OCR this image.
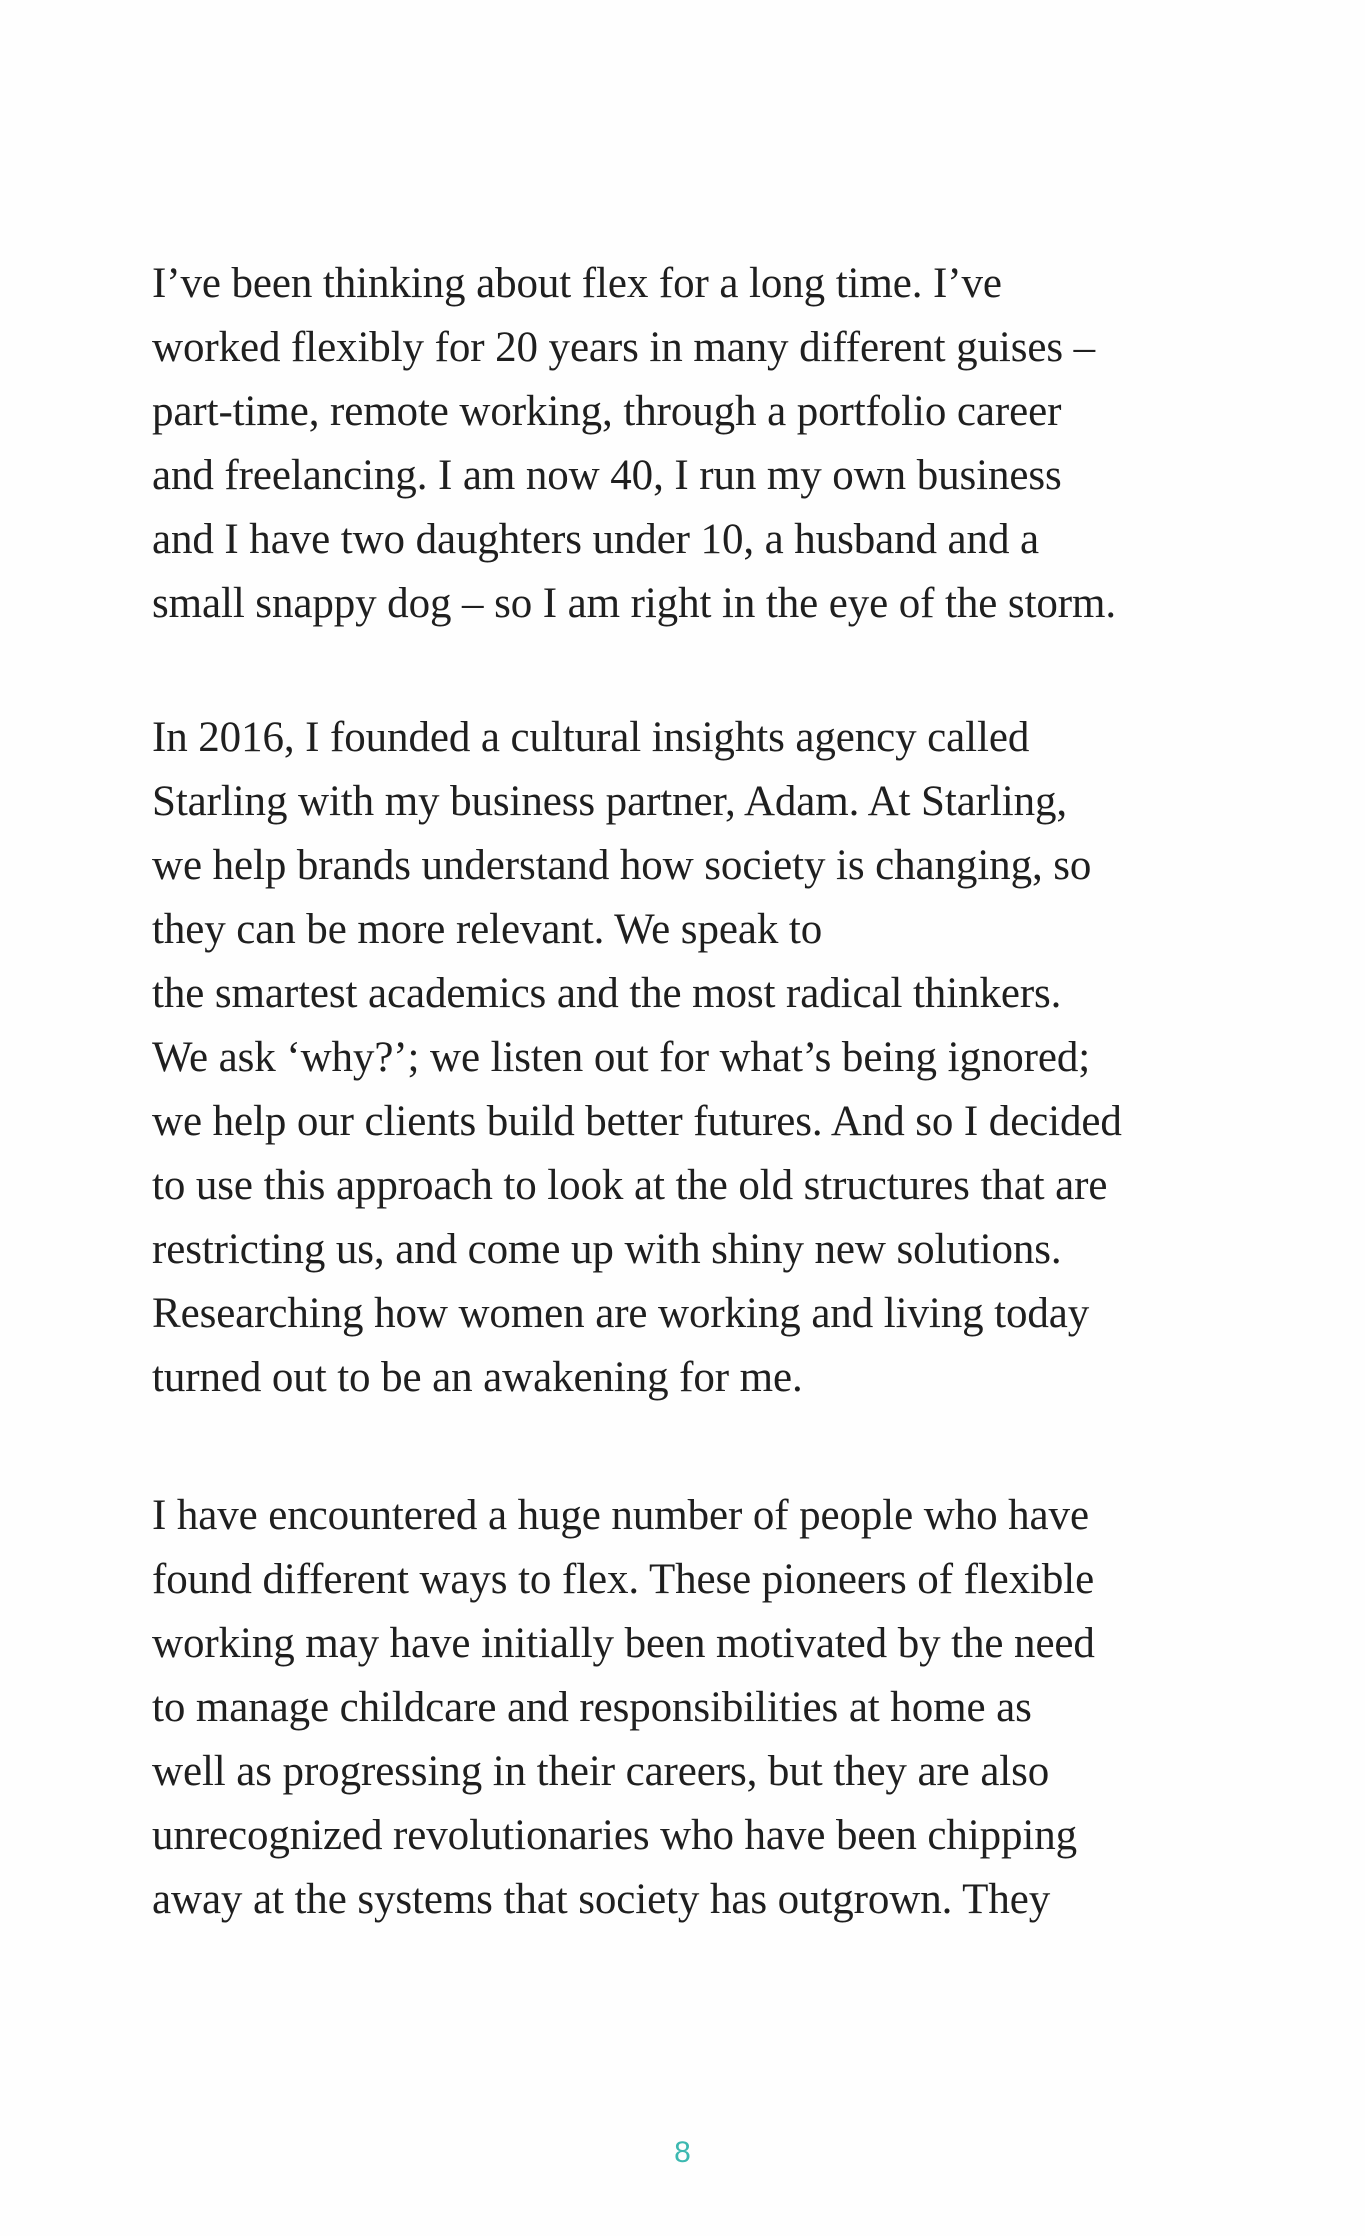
I’ve been thinking about flex for a long time. I’ve
worked flexibly for 20 years in many different guises –
part-time, remote working, through a portfolio career
and freelancing. I am now 40, I run my own business
and I have two daughters under 10, a husband and a
small snappy dog – so I am right in the eye of the storm.
In 2016, I founded a cultural insights agency called
Starling with my business partner, Adam. At Starling,
we help brands understand how society is changing, so
they can be more relevant. We speak to
the smartest academics and the most radical thinkers.
We ask ‘why?’; we listen out for what’s being ignored;
we help our clients build better futures. And so I decided
to use this approach to look at the old structures that are
restricting us, and come up with shiny new solutions.
Researching how women are working and living today
turned out to be an awakening for me.
I have encountered a huge number of people who have
found different ways to flex. These pioneers of flexible
working may have initially been motivated by the need
to manage childcare and responsibilities at home as
well as progressing in their careers, but they are also
unrecognized revolutionaries who have been chipping
away at the systems that society has outgrown. They
8
